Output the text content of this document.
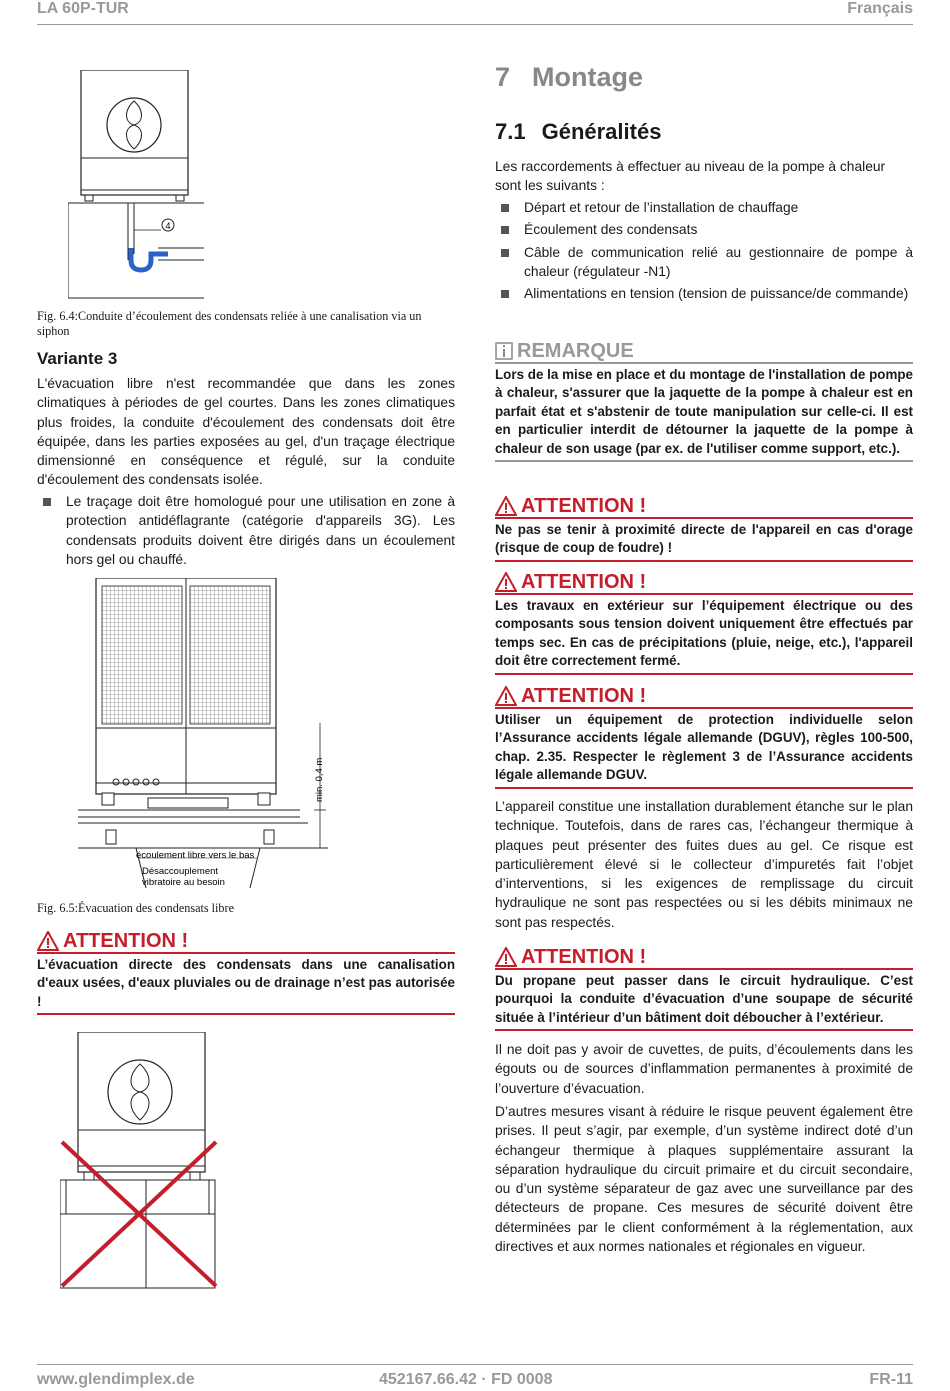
LA 60P-TUR	Français
4
Fig. 6.4:Conduite d’écoulement des condensats reliée à une canalisation via un siphon
Variante 3

L'évacuation libre n'est recommandée que dans les zones climatiques à périodes de gel courtes. Dans les zones climatiques plus froides, la conduite d'écoulement des condensats doit être équipée, dans les parties exposées au gel, d'un traçage électrique dimensionné en conséquence et régulé, sur la conduite d'écoulement des condensats isolée.

Le traçage doit être homologué pour une utilisation en zone à protection antidéflagrante (catégorie d'appareils 3G). Les condensats produits doivent être dirigés dans un écoulement hors gel ou chauffé.
min. 0,4 m
écoulement libre vers le bas
Désaccouplement
vibratoire au besoin
Fig. 6.5:Évacuation des condensats libre
ATTENTION !
L’évacuation directe des condensats dans une canalisation d'eaux usées, d'eaux pluviales ou de drainage n’est pas autorisée !
7 Montage
7.1 Généralités

Les raccordements à effectuer au niveau de la pompe à chaleur sont les suivants :

Départ et retour de l’installation de chauffage
Écoulement des condensats
Câble de communication relié au gestionnaire de pompe à chaleur (régulateur -N1)
Alimentations en tension (tension de puissance/de commande)
REMARQUE
Lors de la mise en place et du montage de l'installation de pompe à chaleur, s'assurer que la jaquette de la pompe à chaleur est en parfait état et s'abstenir de toute manipulation sur celle-ci. Il est en particulier interdit de détourner la jaquette de la pompe à chaleur de son usage (par ex. de l'utiliser comme support, etc.).
ATTENTION !
Ne pas se tenir à proximité directe de l'appareil en cas d'orage (risque de coup de foudre) !
ATTENTION !
Les travaux en extérieur sur l’équipement électrique ou des composants sous tension doivent uniquement être effectués par temps sec. En cas de précipitations (pluie, neige, etc.), l'appareil doit être correctement fermé.
ATTENTION !
Utiliser un équipement de protection individuelle selon l’Assurance accidents légale allemande (DGUV), règles 100-500, chap. 2.35. Respecter le règlement 3 de l’Assurance accidents légale allemande DGUV.

L’appareil constitue une installation durablement étanche sur le plan technique. Toutefois, dans de rares cas, l’échangeur thermique à plaques peut présenter des fuites dues au gel. Ce risque est particulièrement élevé si le collecteur d’impuretés fait l’objet d’interventions, si les exigences de remplissage du circuit hydraulique ne sont pas respectées ou si les débits minimaux ne sont pas respectés.

ATTENTION !
Du propane peut passer dans le circuit hydraulique. C’est pourquoi la conduite d’évacuation d’une soupape de sécurité située à l’intérieur d’un bâtiment doit déboucher à l’extérieur.

Il ne doit pas y avoir de cuvettes, de puits, d’écoulements dans les égouts ou de sources d’inflammation permanentes à proximité de l’ouverture d’évacuation.

D’autres mesures visant à réduire le risque peuvent également être prises. Il peut s’agir, par exemple, d’un système indirect doté d’un échangeur thermique à plaques supplémentaire assurant la séparation hydraulique du circuit primaire et du circuit secondaire, ou d’un système séparateur de gaz avec une surveillance par des détecteurs de propane. Ces mesures de sécurité doivent être déterminées par le client conformément à la réglementation, aux directives et aux normes nationales et régionales en vigueur.

www.glendimplex.de	452167.66.42 · FD 0008	FR-11
